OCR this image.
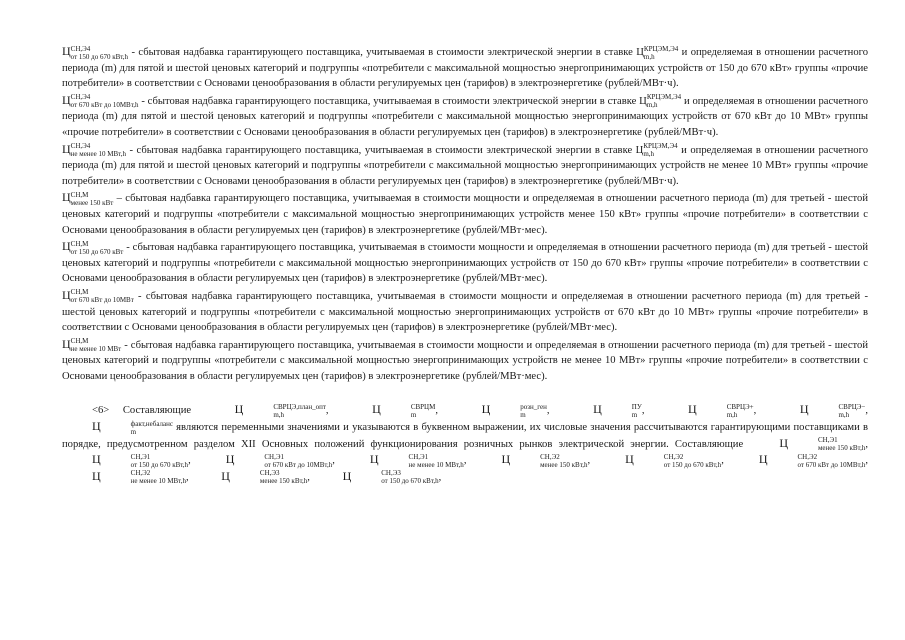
Ц СН,Э4
от 150 до 670 кВт,h - сбытовая надбавка гарантирующего поставщика, учитываемая в стоимости электрической энергии в ставке Ц КРЦЭМ,Э4
m,h	и определяемая в отношении расчетного периода (m) для пятой и шестой ценовых категорий и подгруппы «потребители с максимальной мощностью энергопринимающих устройств от 150 до 670 кВт» группы «прочие потребители» в соответствии с Основами ценообразования в области регулируемых цен (тарифов) в электроэнергетике (рублей/МВт·ч).

Ц СН,Э4
от 670 кВт до 10МВт,h - сбытовая надбавка гарантирующего поставщика, учитываемая в стоимости электрической энергии в ставке Ц КРЦЭМ,Э4
m,h	и определяемая в отношении расчетного периода (m) для пятой и шестой ценовых категорий и подгруппы «потребители с максимальной мощностью энергопринимающих устройств от 670 кВт до 10 МВт» группы «прочие потребители» в соответствии с Основами ценообразования в области регулируемых цен (тарифов) в электроэнергетике (рублей/МВт·ч).

Ц СН,Э4
не менее 10 МВт,h - сбытовая надбавка гарантирующего поставщика, учитываемая в стоимости электрической энергии в ставке Ц КРЦЭМ,Э4
m,h	и определяемая в отношении расчетного периода (m) для пятой и шестой ценовых категорий и подгруппы «потребители с максимальной мощностью энергопринимающих устройств не менее 10 МВт» группы «прочие потребители» в соответствии с Основами ценообразования в области регулируемых цен (тарифов) в электроэнергетике (рублей/МВт·ч).

Ц СН,М
менее 150 кВт – сбытовая надбавка гарантирующего поставщика, учитываемая в стоимости мощности и определяемая в отношении расчетного периода (m) для третьей - шестой ценовых категорий и подгруппы «потребители с максимальной мощностью энергопринимающих устройств менее 150 кВт» группы «прочие потребители» в соответствии с Основами ценообразования в области регулируемых цен (тарифов) в электроэнергетике (рублей/МВт·мес).

Ц СН,М
от 150 до 670 кВт - сбытовая надбавка гарантирующего поставщика, учитываемая в стоимости мощности и определяемая в отношении расчетного периода (m) для третьей - шестой ценовых категорий и подгруппы «потребители с максимальной мощностью энергопринимающих устройств от 150 до 670 кВт» группы «прочие потребители» в соответствии с Основами ценообразования в области регулируемых цен (тарифов) в электроэнергетике (рублей/МВт·мес).

Ц СН,М
от 670 кВт до 10МВт - сбытовая надбавка гарантирующего поставщика, учитываемая в стоимости мощности и определяемая в отношении расчетного периода (m) для третьей - шестой ценовых категорий и подгруппы «потребители с максимальной мощностью энергопринимающих устройств от 670 кВт до 10 МВт» группы «прочие потребители» в соответствии с Основами ценообразования в области регулируемых цен (тарифов) в электроэнергетике (рублей/МВт·мес).

Ц СН,М
не менее 10 МВт - сбытовая надбавка гарантирующего поставщика, учитываемая в стоимости мощности и определяемая в отношении расчетного периода (m) для третьей - шестой ценовых категорий и подгруппы «потребители с максимальной мощностью энергопринимающих устройств не менее 10 МВт» группы «прочие потребители» в соответствии с Основами ценообразования в области регулируемых цен (тарифов) в электроэнергетике (рублей/МВт·мес).

<6> Составляющие	Ц	СВРЦЭ,план_опт
m,h	,	Ц	СВРЦМ
m	,	Ц	розн_ген
m	,	Ц	ПУ
m ,	Ц	СВРЦЭ+
m,h	,	Ц	СВРЦЭ−
m,h	, Ц	факт,небаланс
m	являются переменными значениями и указываются в буквенном выражении, их числовые значения рассчитываются гарантирующими поставщиками в порядке, предусмотренном разделом XII Основных положений функционирования розничных рынков электрической энергии. Составляющие	Ц	СН,Э1
менее 150 кВт,h , Ц	СН,Э1
от 150 до 670 кВт,h ,	Ц	СН,Э1
от 670 кВт до 10МВт,h ,	Ц	СН,Э1
не менее 10 МВт,h ,	Ц	СН,Э2
менее 150 кВт,h ,	Ц	СН,Э2
от 150 до 670 кВт,h ,	Ц	СН,Э2
от 670 кВт до 10МВт,h , Ц	СН,Э2
не менее 10 МВт,h ,	Ц	СН,Э3
менее 150 кВт,h ,	Ц	СН,Э3
от 150 до 670 кВт,h ,
